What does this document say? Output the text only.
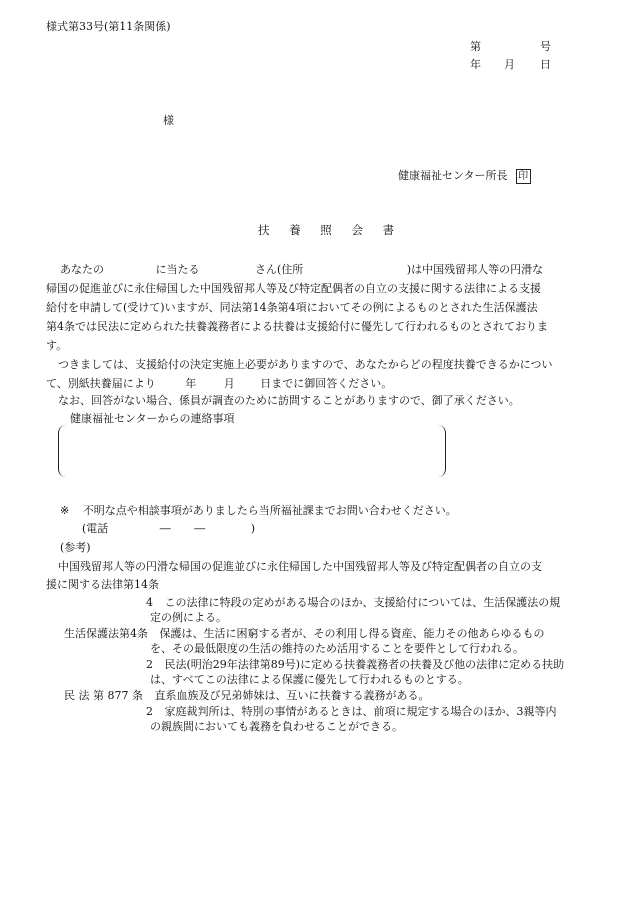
様式第33号(第11条関係)
第	号
年 月 日
様
健康福祉センター所長 印
扶 養 照 会 書
あなたの	に当たる	さん(住所	)は中国残留邦人等の円滑な
帰国の促進並びに永住帰国した中国残留邦人等及び特定配偶者の自立の支援に関する法律による支援
給付を申請して(受けて)いますが、同法第14条第4項においてその例によるものとされた生活保護法
第4条では民法に定められた扶養義務者による扶養は支援給付に優先して行われるものとされておりま
す。
つきましては、支援給付の決定実施上必要がありますので、あなたからどの程度扶養できるかについ
て、別紙扶養届により	年	月 日までに御回答ください。
なお、回答がない場合、係員が調査のために訪問することがありますので、御了承ください。
健康福祉センターからの連絡事項
※ 不明な点や相談事項がありましたら当所福祉課までお問い合わせください。
(電話	― ―	)
(参考)
中国残留邦人等の円滑な帰国の促進並びに永住帰国した中国残留邦人等及び特定配偶者の自立の支
援に関する法律第14条
4 この法律に特段の定めがある場合のほか、支援給付については、生活保護法の規
定の例による。
生活保護法第4条 保護は、生活に困窮する者が、その利用し得る資産、能力その他あらゆるもの
を、その最低限度の生活の維持のため活用することを要件として行われる。
2 民法(明治29年法律第89号)に定める扶養義務者の扶養及び他の法律に定める扶助
は、すべてこの法律による保護に優先して行われるものとする。
民 法 第 877 条 直系血族及び兄弟姉妹は、互いに扶養する義務がある。
2 家庭裁判所は、特別の事情があるときは、前項に規定する場合のほか、3親等内
の親族間においても義務を負わせることができる。
